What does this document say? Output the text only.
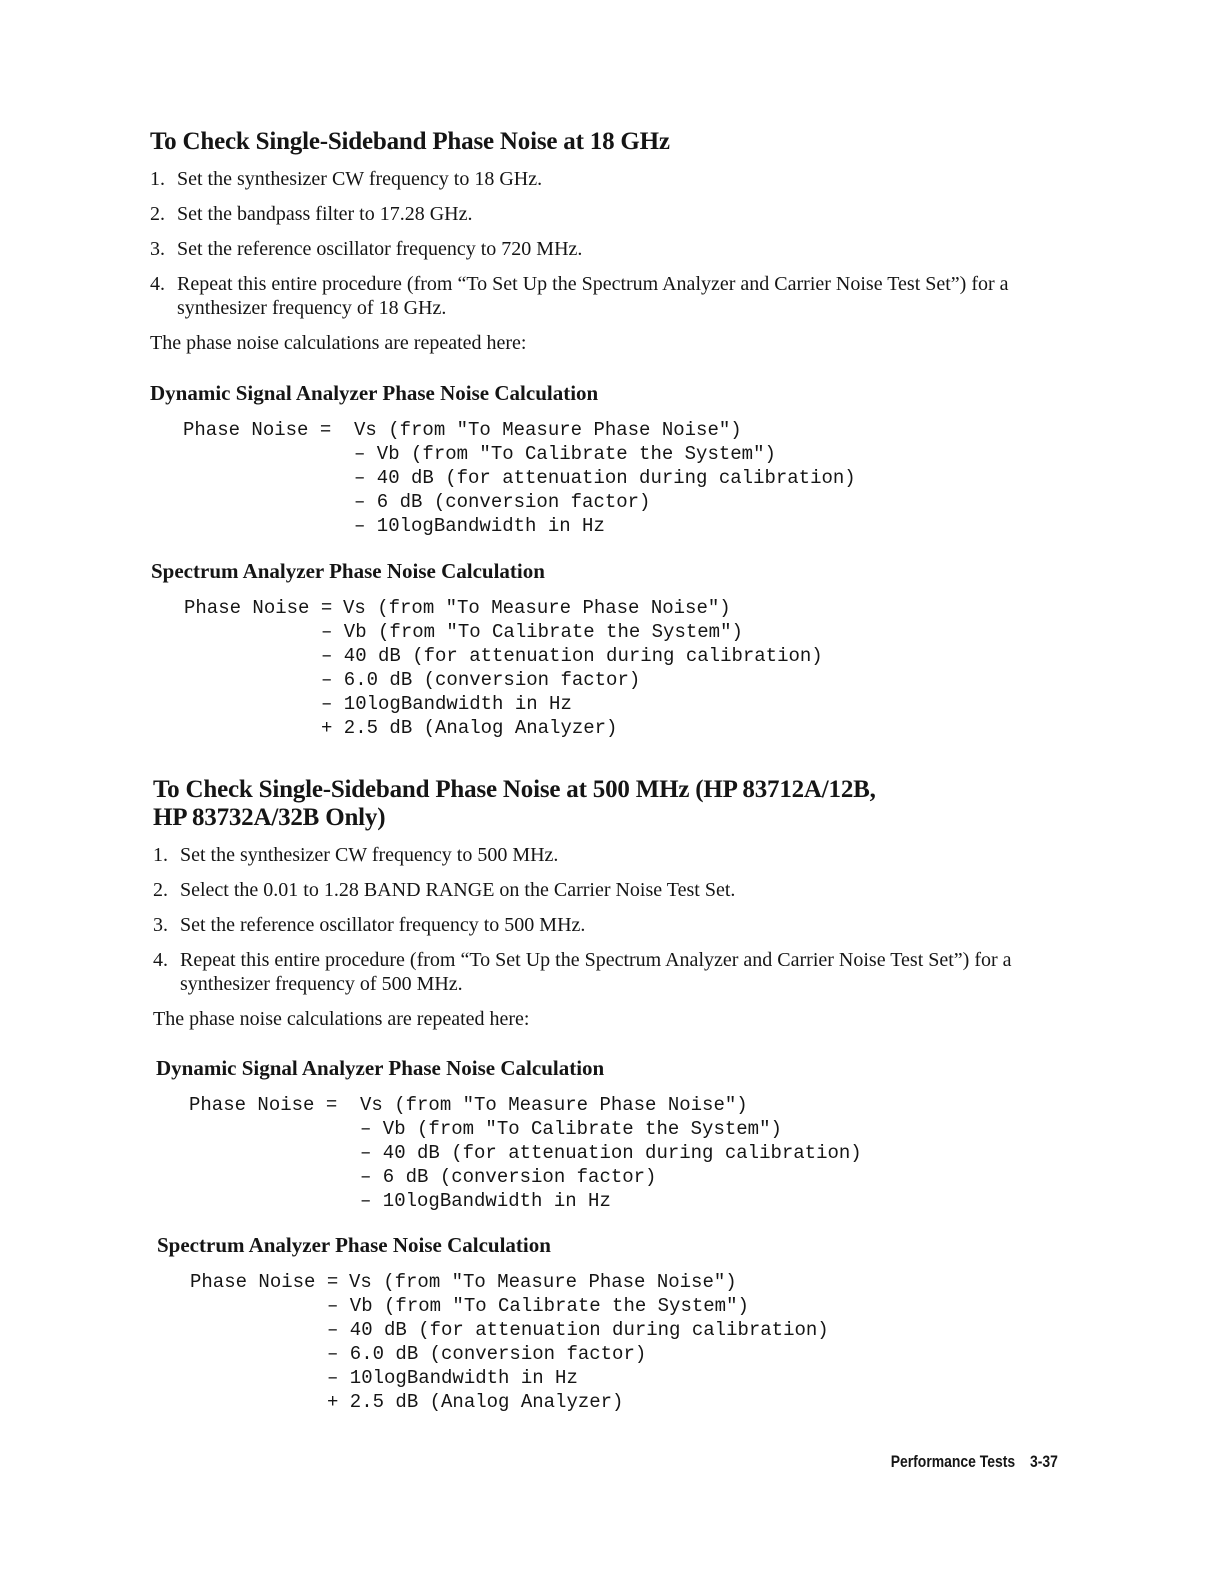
To Check Single-Sideband Phase Noise at 18 GHz
1. Set the synthesizer CW frequency to 18 GHz.
2. Set the bandpass filter to 17.28 GHz.
3. Set the reference oscillator frequency to 720 MHz.
4. Repeat this entire procedure (from “To Set Up the Spectrum Analyzer and Carrier Noise Test Set”) for a synthesizer frequency of 18 GHz.

The phase noise calculations are repeated here:

Dynamic Signal Analyzer Phase Noise Calculation

Phase Noise =

Vs (from "To Measure Phase Noise")

– Vb (from "To Calibrate the System")

– 40 dB (for attenuation during calibration)

– 6 dB (conversion factor)

– 10logBandwidth in Hz

Spectrum Analyzer Phase Noise Calculation

Phase Noise =

Vs (from "To Measure Phase Noise")

– Vb (from "To Calibrate the System")

– 40 dB (for attenuation during calibration)

– 6.0 dB (conversion factor)

– 10logBandwidth in Hz

+ 2.5 dB (Analog Analyzer)

To Check Single-Sideband Phase Noise at 500 MHz (HP 83712A/12B,
HP 83732A/32B Only)
1. Set the synthesizer CW frequency to 500 MHz.
2. Select the 0.01 to 1.28 BAND RANGE on the Carrier Noise Test Set.
3. Set the reference oscillator frequency to 500 MHz.
4. Repeat this entire procedure (from “To Set Up the Spectrum Analyzer and Carrier Noise Test Set”) for a synthesizer frequency of 500 MHz.

The phase noise calculations are repeated here:

Dynamic Signal Analyzer Phase Noise Calculation

Phase Noise =

Vs (from "To Measure Phase Noise")

– Vb (from "To Calibrate the System")

– 40 dB (for attenuation during calibration)

– 6 dB (conversion factor)

– 10logBandwidth in Hz

Spectrum Analyzer Phase Noise Calculation

Phase Noise =

Vs (from "To Measure Phase Noise")

– Vb (from "To Calibrate the System")

– 40 dB (for attenuation during calibration)

– 6.0 dB (conversion factor)

– 10logBandwidth in Hz

+ 2.5 dB (Analog Analyzer)

Performance Tests 3-37
